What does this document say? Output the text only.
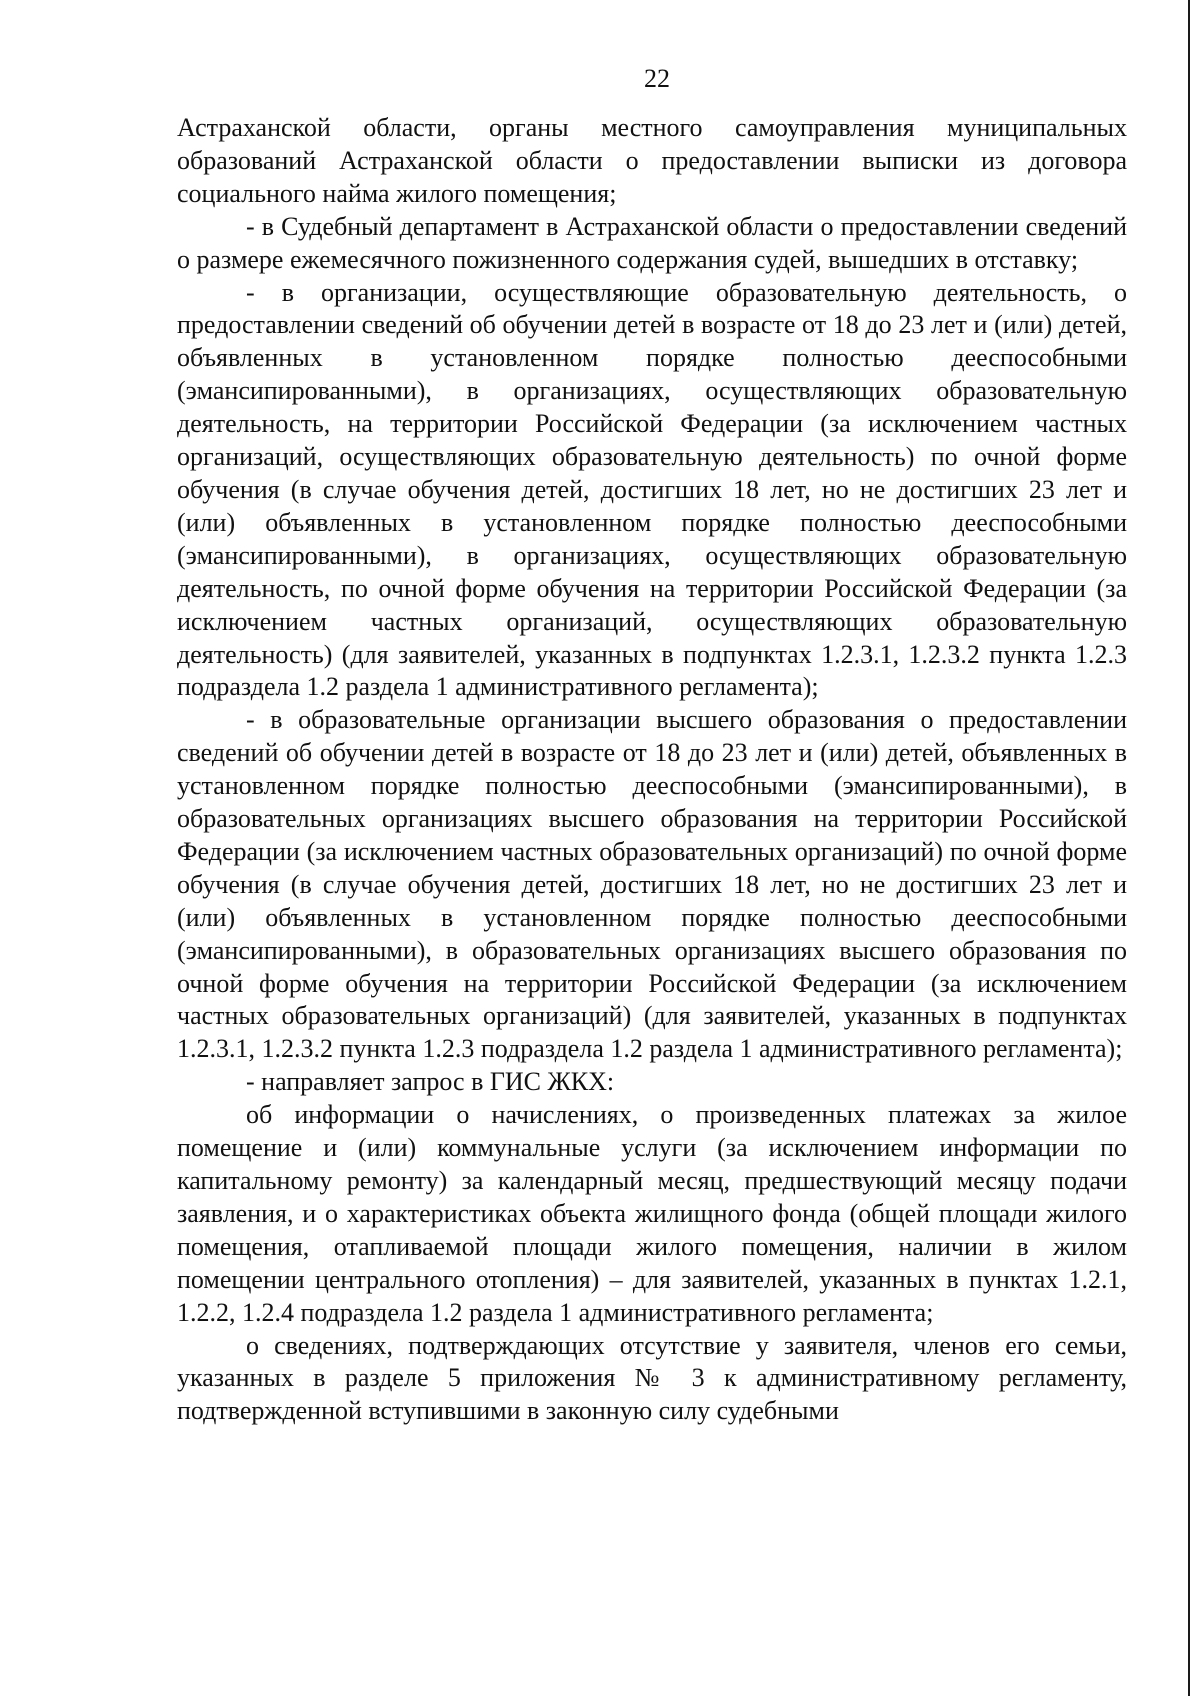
22

Астраханской области, органы местного самоуправления муниципальных образований Астраханской области о предоставлении выписки из договора социального найма жилого помещения;

- в Судебный департамент в Астраханской области о предоставлении сведений о размере ежемесячного пожизненного содержания судей, вышедших в отставку;

- в организации, осуществляющие образовательную деятельность, о предоставлении сведений об обучении детей в возрасте от 18 до 23 лет и (или) детей, объявленных в установленном порядке полностью дееспособными (эмансипированными), в организациях, осуществляющих образовательную деятельность, на территории Российской Федерации (за исключением частных организаций, осуществляющих образовательную деятельность) по очной форме обучения (в случае обучения детей, достигших 18 лет, но не достигших 23 лет и (или) объявленных в установленном порядке полностью дееспособными (эмансипированными), в организациях, осуществляющих образовательную деятельность, по очной форме обучения на территории Российской Федерации (за исключением частных организаций, осуществляющих образовательную деятельность) (для заявителей, указанных в подпунктах 1.2.3.1, 1.2.3.2 пункта 1.2.3 подраздела 1.2 раздела 1 административного регламента);

- в образовательные организации высшего образования о предоставлении сведений об обучении детей в возрасте от 18 до 23 лет и (или) детей, объявленных в установленном порядке полностью дееспособными (эмансипированными), в образовательных организациях высшего образования на территории Российской Федерации (за исключением частных образовательных организаций) по очной форме обучения (в случае обучения детей, достигших 18 лет, но не достигших 23 лет и (или) объявленных в установленном порядке полностью дееспособными (эмансипированными), в образовательных организациях высшего образования по очной форме обучения на территории Российской Федерации (за исключением частных образовательных организаций) (для заявителей, указанных в подпунктах 1.2.3.1, 1.2.3.2 пункта 1.2.3 подраздела 1.2 раздела 1 административного регламента);

- направляет запрос в ГИС ЖКХ:

об информации о начислениях, о произведенных платежах за жилое помещение и (или) коммунальные услуги (за исключением информации по капитальному ремонту) за календарный месяц, предшествующий месяцу подачи заявления, и о характеристиках объекта жилищного фонда (общей площади жилого помещения, отапливаемой площади жилого помещения, наличии в жилом помещении центрального отопления) – для заявителей, указанных в пунктах 1.2.1, 1.2.2, 1.2.4 подраздела 1.2 раздела 1 административного регламента;

о сведениях, подтверждающих отсутствие у заявителя, членов его семьи, указанных в разделе 5 приложения № 3 к административному регламенту, подтвержденной вступившими в законную силу судебными
